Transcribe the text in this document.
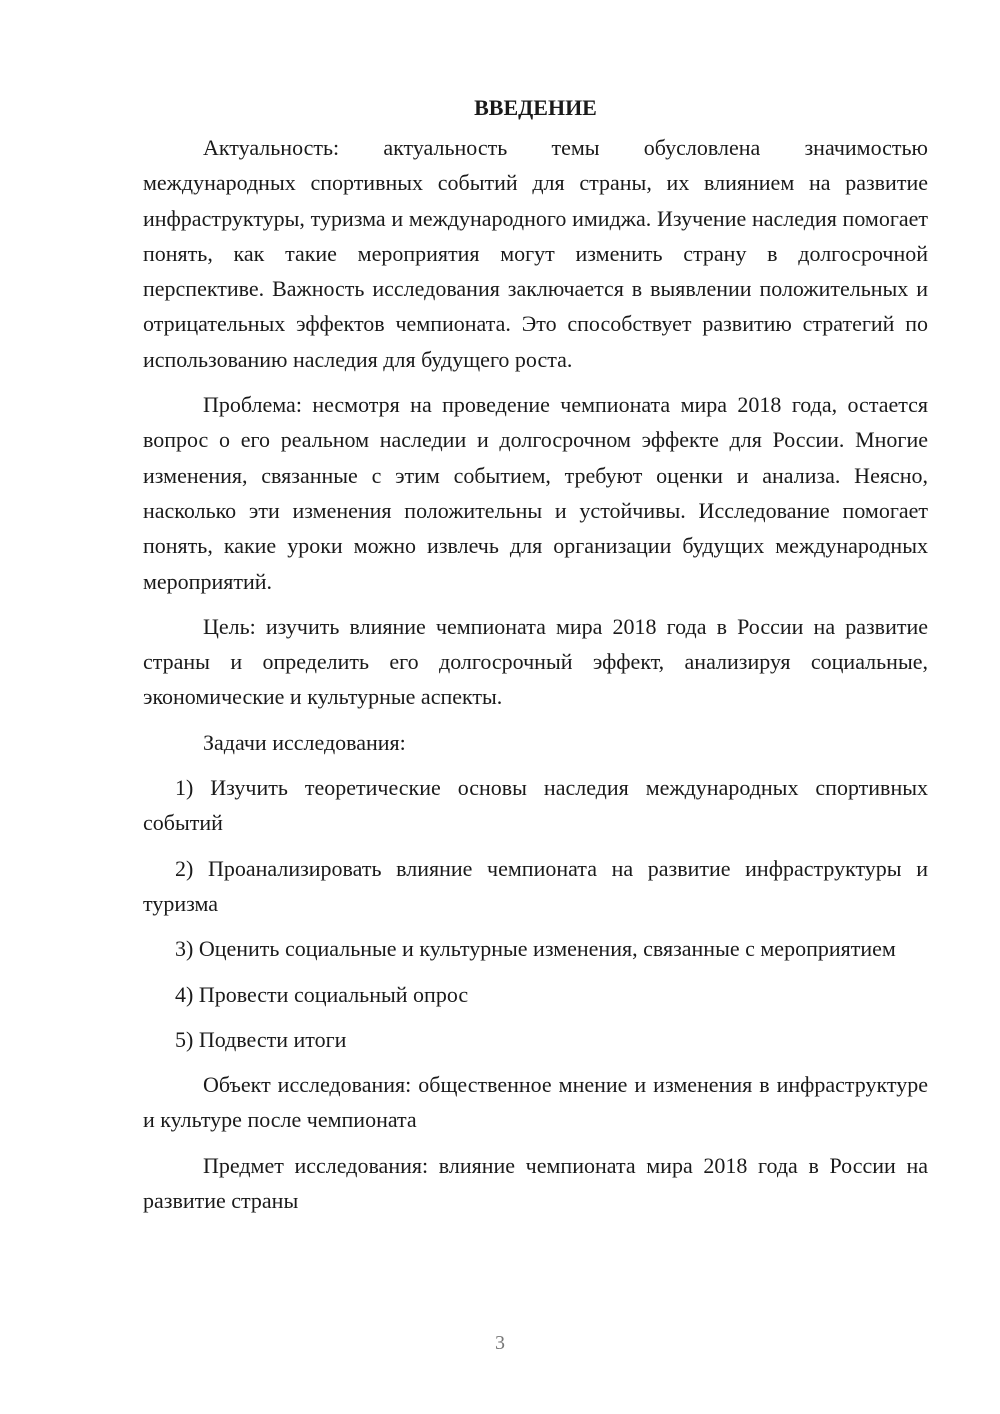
ВВЕДЕНИЕ

Актуальность: актуальность темы обусловлена значимостью международных спортивных событий для страны, их влиянием на развитие инфраструктуры, туризма и международного имиджа. Изучение наследия помогает понять, как такие мероприятия могут изменить страну в долгосрочной перспективе. Важность исследования заключается в выявлении положительных и отрицательных эффектов чемпионата. Это способствует развитию стратегий по использованию наследия для будущего роста.

Проблема: несмотря на проведение чемпионата мира 2018 года, остается вопрос о его реальном наследии и долгосрочном эффекте для России. Многие изменения, связанные с этим событием, требуют оценки и анализа. Неясно, насколько эти изменения положительны и устойчивы. Исследование помогает понять, какие уроки можно извлечь для организации будущих международных мероприятий.

Цель: изучить влияние чемпионата мира 2018 года в России на развитие страны и определить его долгосрочный эффект, анализируя социальные, экономические и культурные аспекты.

Задачи исследования:

1) Изучить теоретические основы наследия международных спортивных событий

2) Проанализировать влияние чемпионата на развитие инфраструктуры и туризма

3) Оценить социальные и культурные изменения, связанные с мероприятием

4) Провести социальный опрос

5) Подвести итоги

Объект исследования: общественное мнение и изменения в инфраструктуре и культуре после чемпионата

Предмет исследования: влияние чемпионата мира 2018 года в России на развитие страны

3
